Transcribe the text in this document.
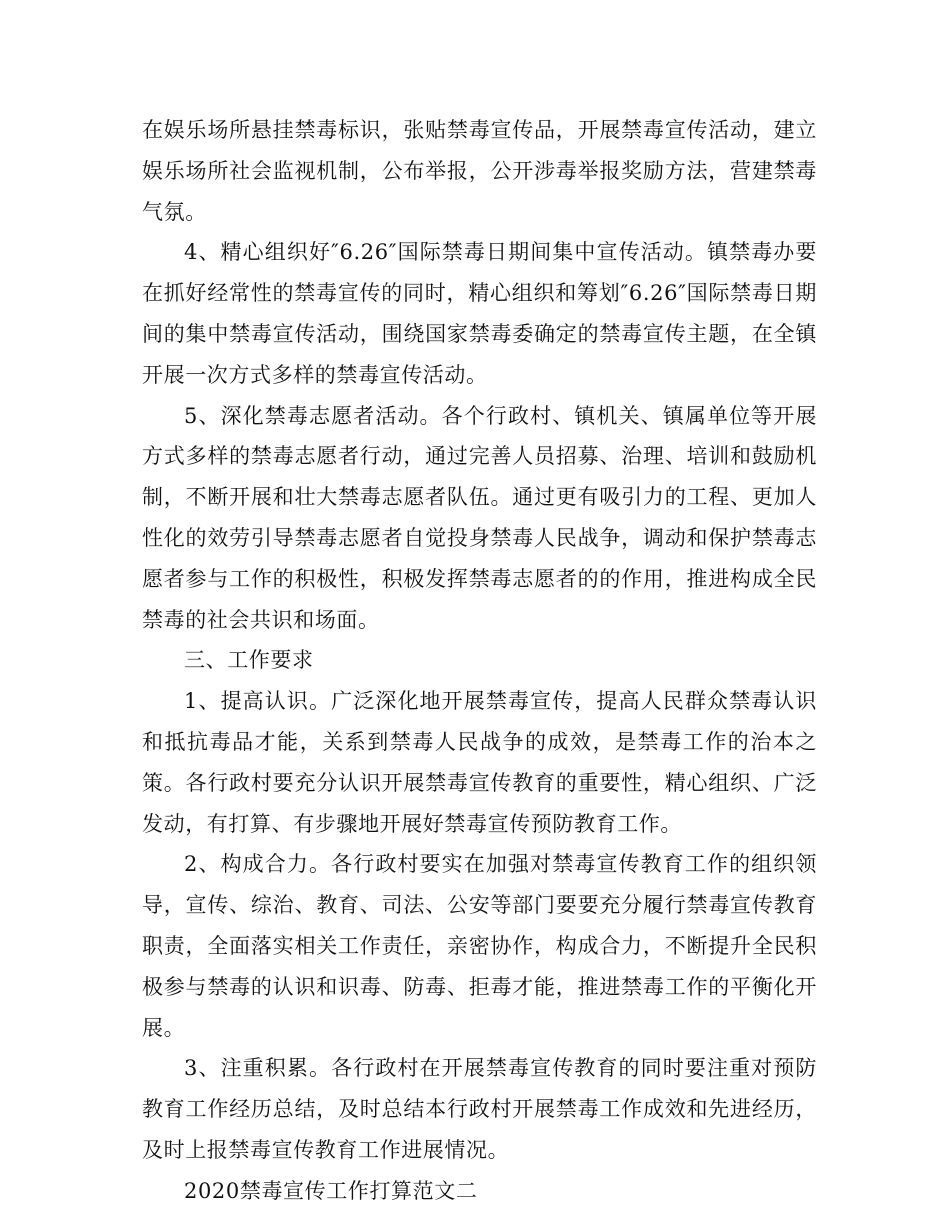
在娱乐场所悬挂禁毒标识，张贴禁毒宣传品，开展禁毒宣传活动，建立娱乐场所社会监视机制，公布举报，公开涉毒举报奖励方法，营建禁毒气氛。

4、精心组织好″6.26″国际禁毒日期间集中宣传活动。镇禁毒办要在抓好经常性的禁毒宣传的同时，精心组织和筹划″6.26″国际禁毒日期间的集中禁毒宣传活动，围绕国家禁毒委确定的禁毒宣传主题，在全镇开展一次方式多样的禁毒宣传活动。

5、深化禁毒志愿者活动。各个行政村、镇机关、镇属单位等开展方式多样的禁毒志愿者行动，通过完善人员招募、治理、培训和鼓励机制，不断开展和壮大禁毒志愿者队伍。通过更有吸引力的工程、更加人性化的效劳引导禁毒志愿者自觉投身禁毒人民战争，调动和保护禁毒志愿者参与工作的积极性，积极发挥禁毒志愿者的的作用，推进构成全民禁毒的社会共识和场面。

三、工作要求

1、提高认识。广泛深化地开展禁毒宣传，提高人民群众禁毒认识和抵抗毒品才能，关系到禁毒人民战争的成效，是禁毒工作的治本之策。各行政村要充分认识开展禁毒宣传教育的重要性，精心组织、广泛发动，有打算、有步骤地开展好禁毒宣传预防教育工作。

2、构成合力。各行政村要实在加强对禁毒宣传教育工作的组织领导，宣传、综治、教育、司法、公安等部门要要充分履行禁毒宣传教育职责，全面落实相关工作责任，亲密协作，构成合力，不断提升全民积极参与禁毒的认识和识毒、防毒、拒毒才能，推进禁毒工作的平衡化开展。

3、注重积累。各行政村在开展禁毒宣传教育的同时要注重对预防教育工作经历总结，及时总结本行政村开展禁毒工作成效和先进经历，及时上报禁毒宣传教育工作进展情况。

2020禁毒宣传工作打算范文二
